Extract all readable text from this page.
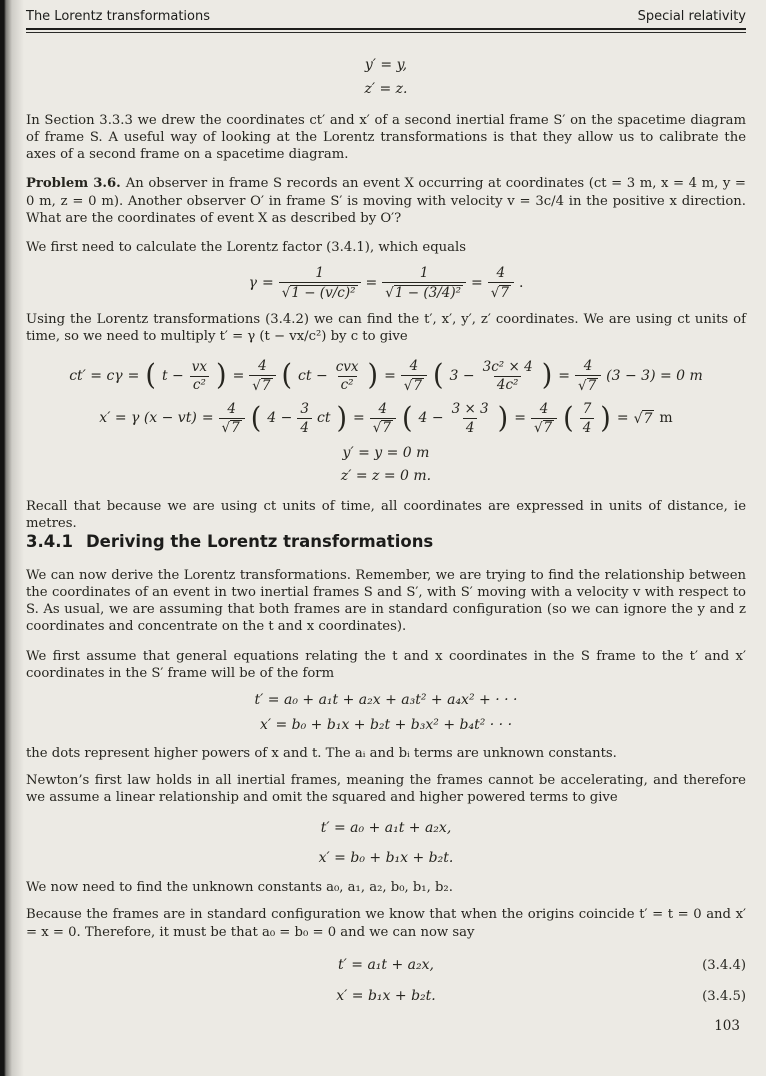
The Lorentz transformations	Special relativity
y′ = y,
z′ = z.

In Section 3.3.3 we drew the coordinates ct′ and x′ of a second inertial frame S′ on the spacetime diagram of frame S. A useful way of looking at the Lorentz transformations is that they allow us to calibrate the axes of a second frame on a spacetime diagram.

Problem 3.6. An observer in frame S records an event X occurring at coordinates (ct = 3 m, x = 4 m, y = 0 m, z = 0 m). Another observer O′ in frame S′ is moving with velocity v = 3c/4 in the positive x direction. What are the coordinates of event X as described by O′?

We first need to calculate the Lorentz factor (3.4.1), which equals

$\gamma = \frac{1}{\text{√ 1 − (v/c)²}} = \frac{1}{\text{√ 1 − (3/4)²}} = \frac{4}{√ 7}$ .

Using the Lorentz transformations (3.4.2) we can find the t′, x′, y′, z′ coordinates. We are using ct units of time, so we need to multiply t′ = γ (t − vx/c²) by c to give

ct′ = cγ = ( $t - \frac{vx}{\text{c²}}$ ) = $\frac{4}{√ 7}$ ( ct − $\frac{\text{cvx}}{\text{c²}}$ ) = $\frac{4}{√ 7}$ ( $3 - \frac{\text{3c² × 4}}{\text{4c²}}$ ) = $\frac{4}{√ 7} (3 - 3) = 0$ m
x′ = γ $(x - vt) = \frac{4}{√ 7}$ ( $4 - \frac{3}{4}$ ct ) = $\frac{4}{√ 7}$ ( $4 - \frac{3 \times 3}{4}$ ) = $\frac{4}{√ 7}$ ( $\frac{7}{4}$ ) = √ 7 m
y′ = y = 0 m
z′ = z = 0 m.

Recall that because we are using ct units of time, all coordinates are expressed in units of distance, ie metres.

3.4.1 Deriving the Lorentz transformations

We can now derive the Lorentz transformations. Remember, we are trying to find the relationship between the coordinates of an event in two inertial frames S and S′, with S′ moving with a velocity v with respect to S. As usual, we are assuming that both frames are in standard configuration (so we can ignore the y and z coordinates and concentrate on the t and x coordinates).

We first assume that general equations relating the t and x coordinates in the S frame to the t′ and x′ coordinates in the S′ frame will be of the form

t′ = a₀ + a₁t + a₂x + a₃t² + a₄x² + · · ·
x′ = b₀ + b₁x + b₂t + b₃x² + b₄t² · · ·

the dots represent higher powers of x and t. The aᵢ and bᵢ terms are unknown constants.

Newton’s first law holds in all inertial frames, meaning the frames cannot be accelerating, and therefore we assume a linear relationship and omit the squared and higher powered terms to give

t′ = a₀ + a₁t + a₂x,
x′ = b₀ + b₁x + b₂t.

We now need to find the unknown constants a₀, a₁, a₂, b₀, b₁, b₂.

Because the frames are in standard configuration we know that when the origins coincide t′ = t = 0 and x′ = x = 0. Therefore, it must be that a₀ = b₀ = 0 and we can now say

t′ = a₁t + a₂x,	(3.4.4)
x′ = b₁x + b₂t.	(3.4.5)
103
